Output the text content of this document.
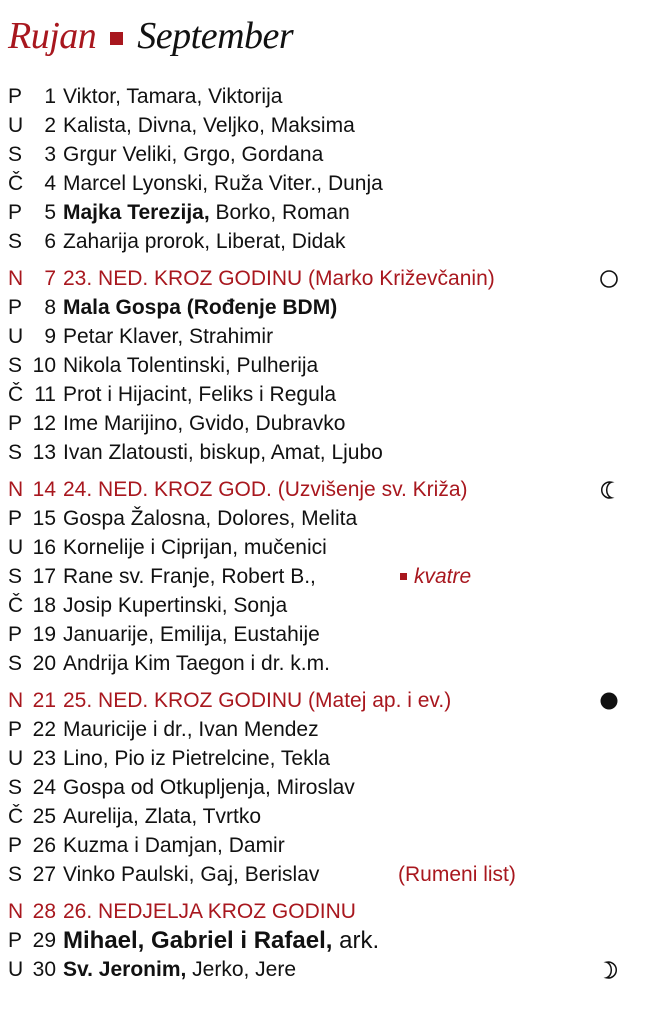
Rujan September
P	1 Viktor, Tamara, Viktorija
U	2 Kalista, Divna, Veljko, Maksima
S	3 Grgur Veliki, Grgo, Gordana
Č	4 Marcel Lyonski, Ruža Viter., Dunja
P	5 Majka Terezija, Borko, Roman
S	6 Zaharija prorok, Liberat, Didak
N	7 23. NED. KROZ GODINU (Marko Križevčanin)
P	8 Mala Gospa (Rođenje BDM)
U	9 Petar Klaver, Strahimir
S 10 Nikola Tolentinski, Pulherija
Č 11 Prot i Hijacint, Feliks i Regula
P 12 Ime Marijino, Gvido, Dubravko
S 13 Ivan Zlatousti, biskup, Amat, Ljubo
N 14 24. NED. KROZ GOD. (Uzvišenje sv. Križa)
P 15 Gospa Žalosna, Dolores, Melita
U 16 Kornelije i Ciprijan, mučenici
S 17 Rane sv. Franje, Robert B.,	kvatre
Č 18 Josip Kupertinski, Sonja
P 19 Januarije, Emilija, Eustahije
S 20 Andrija Kim Taegon i dr. k.m.
N 21 25. NED. KROZ GODINU (Matej ap. i ev.)
P 22 Mauricije i dr., Ivan Mendez
U 23 Lino, Pio iz Pietrelcine, Tekla
S 24 Gospa od Otkupljenja, Miroslav
Č 25 Aurelija, Zlata, Tvrtko
P 26 Kuzma i Damjan, Damir
S 27 Vinko Paulski, Gaj, Berislav	(Rumeni list)
N 28 26. NEDJELJA KROZ GODINU
P 29 Mihael, Gabriel i Rafael, ark.
U 30 Sv. Jeronim, Jerko, Jere
